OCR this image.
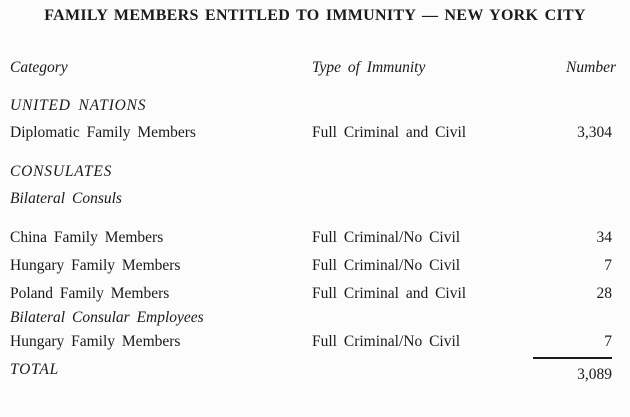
FAMILY MEMBERS ENTITLED TO IMMUNITY — NEW YORK CITY
Category	Type of Immunity	Number
UNITED NATIONS
Diplomatic Family Members	Full Criminal and Civil	3,304
CONSULATES
Bilateral Consuls
China Family Members	Full Criminal/No Civil	34
Hungary Family Members	Full Criminal/No Civil	7
Poland Family Members	Full Criminal and Civil	28
Bilateral Consular Employees
Hungary Family Members	Full Criminal/No Civil	7
TOTAL	3,089
